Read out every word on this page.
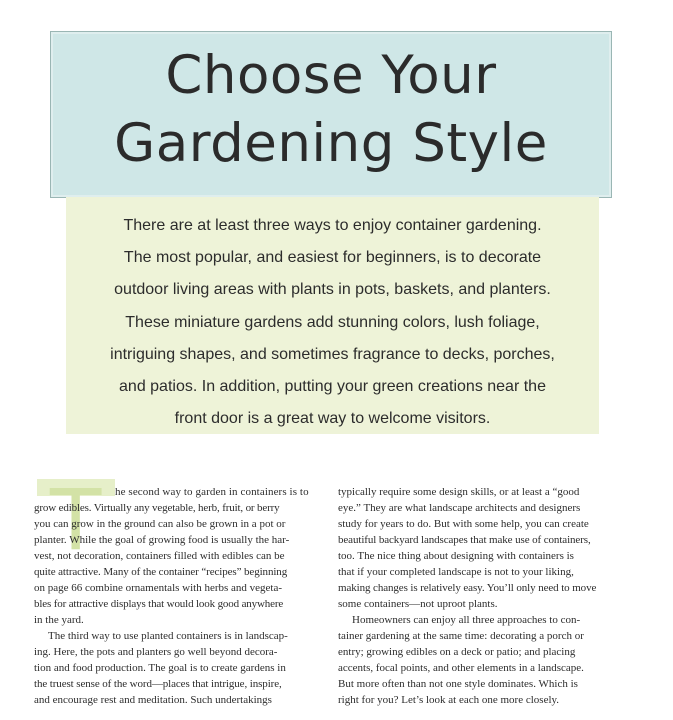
Choose Your
Gardening Style
There are at least three ways to enjoy container gardening.
The most popular, and easiest for beginners, is to decorate
outdoor living areas with plants in pots, baskets, and planters.
These miniature gardens add stunning colors, lush foliage,
intriguing shapes, and sometimes fragrance to decks, porches,
and patios. In addition, putting your green creations near the
front door is a great way to welcome visitors.
T he second way to garden in containers is to
grow edibles. Virtually any vegetable, herb, fruit, or berry
you can grow in the ground can also be grown in a pot or
planter. While the goal of growing food is usually the har-
vest, not decoration, containers filled with edibles can be
quite attractive. Many of the container “recipes” beginning
on page 66 combine ornamentals with herbs and vegeta-
bles for attractive displays that would look good anywhere
in the yard.
The third way to use planted containers is in landscap-
ing. Here, the pots and planters go well beyond decora-
tion and food production. The goal is to create gardens in
the truest sense of the word—places that intrigue, inspire,
and encourage rest and meditation. Such undertakings
typically require some design skills, or at least a “good
eye.” They are what landscape architects and designers
study for years to do. But with some help, you can create
beautiful backyard landscapes that make use of containers,
too. The nice thing about designing with containers is
that if your completed landscape is not to your liking,
making changes is relatively easy. You’ll only need to move
some containers—not uproot plants.
Homeowners can enjoy all three approaches to con-
tainer gardening at the same time: decorating a porch or
entry; growing edibles on a deck or patio; and placing
accents, focal points, and other elements in a landscape.
But more often than not one style dominates. Which is
right for you? Let’s look at each one more closely.
